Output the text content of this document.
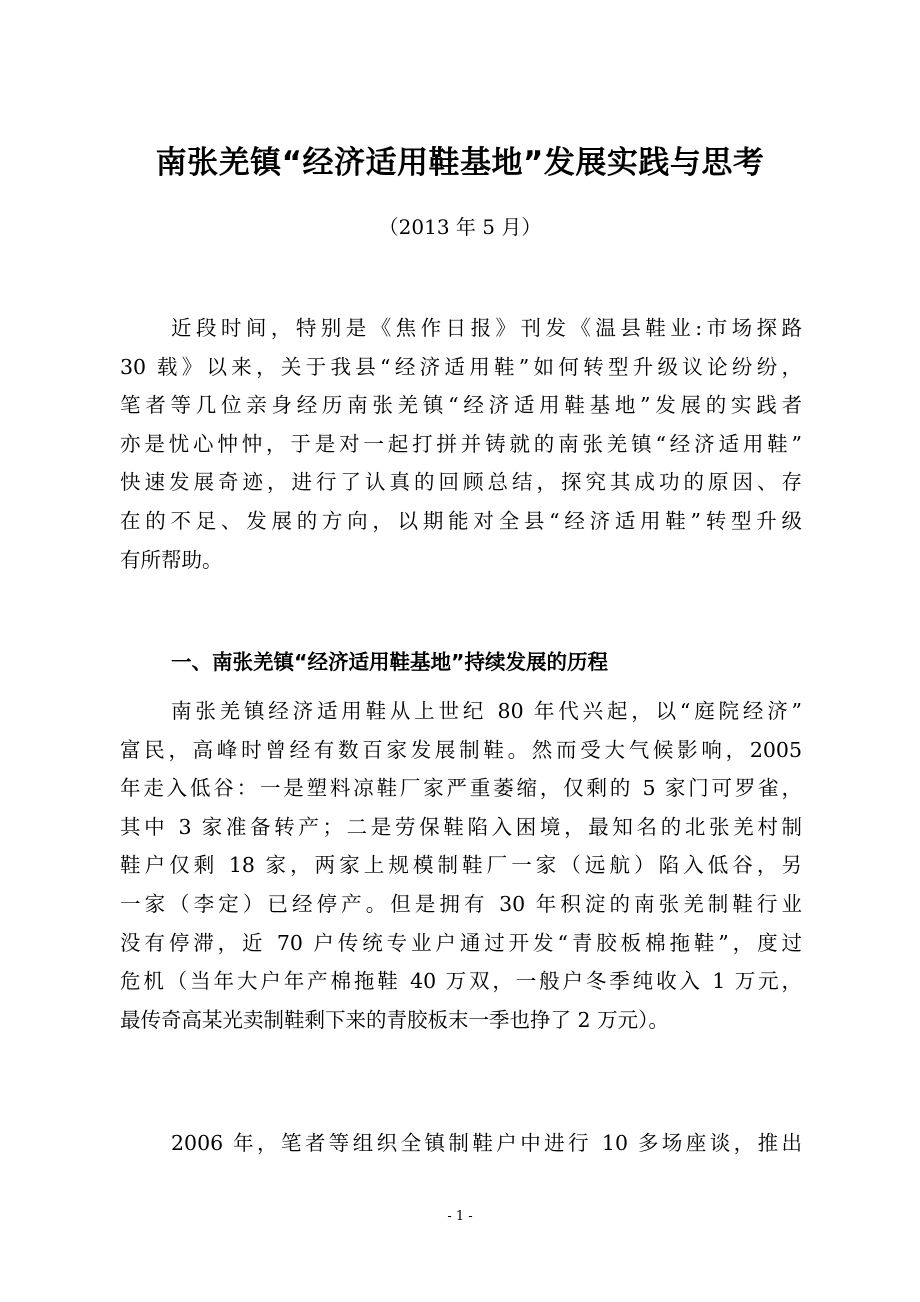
南张羌镇“经济适用鞋基地”发展实践与思考
（2013 年 5 月）
近段时间，特别是《焦作日报》刊发《温县鞋业:市场探路
30 载》以来，关于我县“经济适用鞋”如何转型升级议论纷纷，
笔者等几位亲身经历南张羌镇“经济适用鞋基地”发展的实践者
亦是忧心忡忡，于是对一起打拼并铸就的南张羌镇“经济适用鞋”
快速发展奇迹，进行了认真的回顾总结，探究其成功的原因、存
在的不足、发展的方向，以期能对全县“经济适用鞋”转型升级
有所帮助。
一、南张羌镇“经济适用鞋基地”持续发展的历程
南张羌镇经济适用鞋从上世纪 80 年代兴起，以“庭院经济”
富民，高峰时曾经有数百家发展制鞋。然而受大气候影响，2005
年走入低谷：一是塑料凉鞋厂家严重萎缩，仅剩的 5 家门可罗雀，
其中 3 家准备转产；二是劳保鞋陷入困境，最知名的北张羌村制
鞋户仅剩 18 家，两家上规模制鞋厂一家（远航）陷入低谷，另
一家（李定）已经停产。但是拥有 30 年积淀的南张羌制鞋行业
没有停滞，近 70 户传统专业户通过开发“青胶板棉拖鞋”，度过
危机（当年大户年产棉拖鞋 40 万双，一般户冬季纯收入 1 万元，
最传奇高某光卖制鞋剩下来的青胶板末一季也挣了 2 万元）。
2006 年，笔者等组织全镇制鞋户中进行 10 多场座谈，推出
- 1 -
